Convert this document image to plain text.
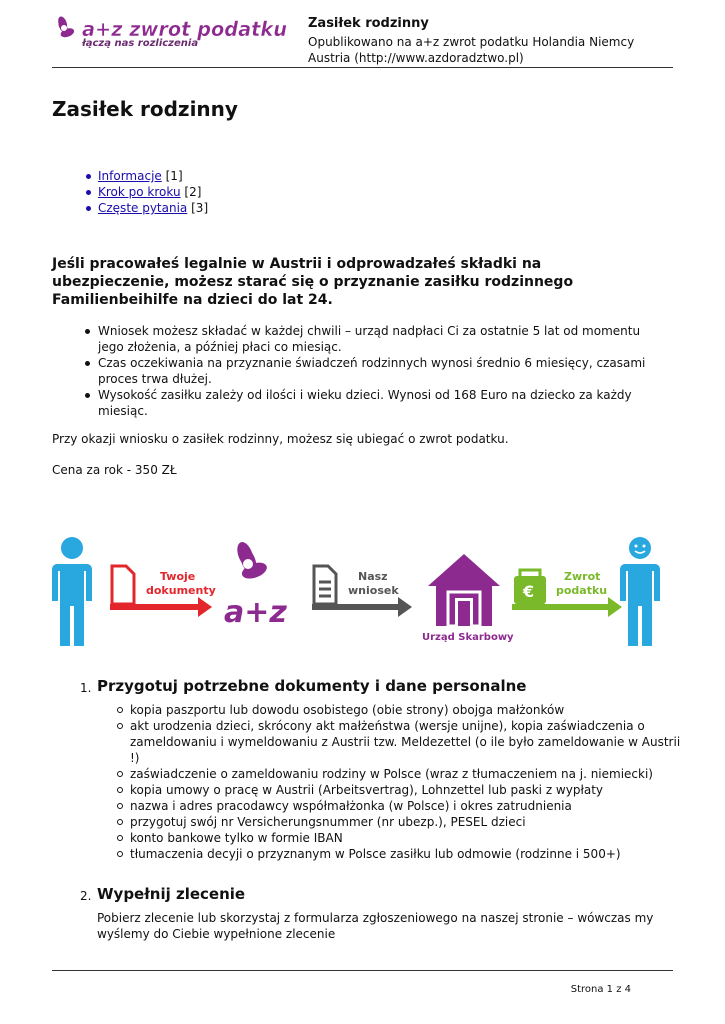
a+z zwrot podatku
łączą nas rozliczenia
Zasiłek rodzinny
Opublikowano na a+z zwrot podatku Holandia Niemcy Austria (http://www.azdoradztwo.pl)
Zasiłek rodzinny
Informacje [1]
Krok po kroku [2]
Częste pytania [3]

Jeśli pracowałeś legalnie w Austrii i odprowadzałeś składki na ubezpieczenie, możesz starać się o przyznanie zasiłku rodzinnego Familienbeihilfe na dzieci do lat 24.

Wniosek możesz składać w każdej chwili – urząd nadpłaci Ci za ostatnie 5 lat od momentu jego złożenia, a później płaci co miesiąc.
Czas oczekiwania na przyznanie świadczeń rodzinnych wynosi średnio 6 miesięcy, czasami proces trwa dłużej.
Wysokość zasiłku zależy od ilości i wieku dzieci. Wynosi od 168 Euro na dziecko za każdy miesiąc.

Przy okazji wniosku o zasiłek rodzinny, możesz się ubiegać o zwrot podatku.

Cena za rok - 350 ZŁ

Twoje
dokumenty
a+z
Nasz
wniosek
Urząd Skarbowy
€
Zwrot
podatku
1. Przygotuj potrzebne dokumenty i dane personalne
kopia paszportu lub dowodu osobistego (obie strony) obojga małżonków
akt urodzenia dzieci, skrócony akt małżeństwa (wersje unijne), kopia zaświadczenia o zameldowaniu i wymeldowaniu z Austrii tzw. Meldezettel (o ile było zameldowanie w Austrii !)
zaświadczenie o zameldowaniu rodziny w Polsce (wraz z tłumaczeniem na j. niemiecki)
kopia umowy o pracę w Austrii (Arbeitsvertrag), Lohnzettel lub paski z wypłaty
nazwa i adres pracodawcy współmałżonka (w Polsce) i okres zatrudnienia
przygotuj swój nr Versicherungsnummer (nr ubezp.), PESEL dzieci
konto bankowe tylko w formie IBAN
tłumaczenia decyji o przyznanym w Polsce zasiłku lub odmowie (rodzinne i 500+)
2. Wypełnij zlecenie
Pobierz zlecenie lub skorzystaj z formularza zgłoszeniowego na naszej stronie – wówczas my wyślemy do Ciebie wypełnione zlecenie
Strona 1 z 4
